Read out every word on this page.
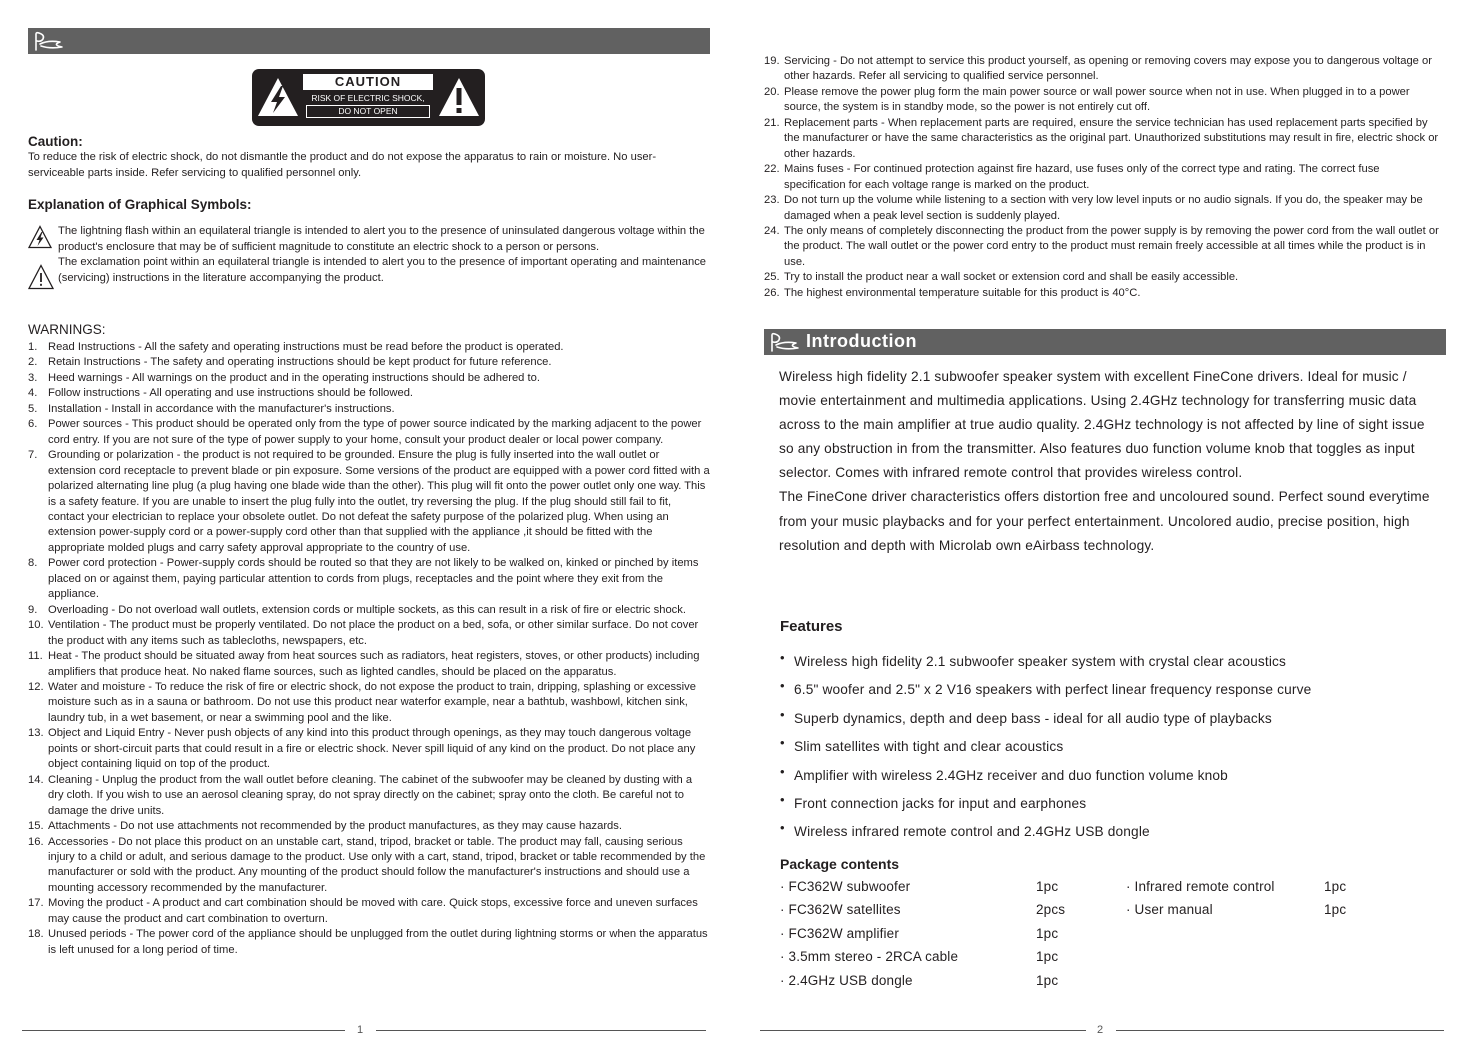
CAUTION
RISK OF ELECTRIC SHOCK,
DO NOT OPEN
Caution:
To reduce the risk of electric shock, do not dismantle the product and do not expose the apparatus to rain or moisture. No user-serviceable parts inside. Refer servicing to qualified personnel only.
Explanation of Graphical Symbols:
The lightning flash within an equilateral triangle is intended to alert you to the presence of uninsulated dangerous voltage within the product's enclosure that may be of sufficient magnitude to constitute an electric shock to a person or persons.
The exclamation point within an equilateral triangle is intended to alert you to the presence of important operating and maintenance (servicing) instructions in the literature accompanying the product.
WARNINGS:
1. Read Instructions - All the safety and operating instructions must be read before the product is operated.
2. Retain Instructions - The safety and operating instructions should be kept product for future reference.
3. Heed warnings - All warnings on the product and in the operating instructions should be adhered to.
4. Follow instructions - All operating and use instructions should be followed.
5. Installation - Install in accordance with the manufacturer's instructions.
6. Power sources - This product should be operated only from the type of power source indicated by the marking adjacent to the power cord entry. If you are not sure of the type of power supply to your home, consult your product dealer or local power company.
7. Grounding or polarization - the product is not required to be grounded. Ensure the plug is fully inserted into the wall outlet or extension cord receptacle to prevent blade or pin exposure. Some versions of the product are equipped with a power cord fitted with a polarized alternating line plug (a plug having one blade wide than the other). This plug will fit onto the power outlet only one way. This is a safety feature. If you are unable to insert the plug fully into the outlet, try reversing the plug. If the plug should still fail to fit, contact your electrician to replace your obsolete outlet. Do not defeat the safety purpose of the polarized plug. When using an extension power-supply cord or a power-supply cord other than that supplied with the appliance ,it should be fitted with the appropriate molded plugs and carry safety approval appropriate to the country of use.
8. Power cord protection - Power-supply cords should be routed so that they are not likely to be walked on, kinked or pinched by items placed on or against them, paying particular attention to cords from plugs, receptacles and the point where they exit from the appliance.
9. Overloading - Do not overload wall outlets, extension cords or multiple sockets, as this can result in a risk of fire or electric shock.
10. Ventilation - The product must be properly ventilated. Do not place the product on a bed, sofa, or other similar surface. Do not cover the product with any items such as tablecloths, newspapers, etc.
11. Heat - The product should be situated away from heat sources such as radiators, heat registers, stoves, or other products) including amplifiers that produce heat. No naked flame sources, such as lighted candles, should be placed on the apparatus.
12. Water and moisture - To reduce the risk of fire or electric shock, do not expose the product to train, dripping, splashing or excessive moisture such as in a sauna or bathroom. Do not use this product near waterfor example, near a bathtub, washbowl, kitchen sink, laundry tub, in a wet basement, or near a swimming pool and the like.
13. Object and Liquid Entry - Never push objects of any kind into this product through openings, as they may touch dangerous voltage points or short-circuit parts that could result in a fire or electric shock. Never spill liquid of any kind on the product. Do not place any object containing liquid on top of the product.
14. Cleaning - Unplug the product from the wall outlet before cleaning. The cabinet of the subwoofer may be cleaned by dusting with a dry cloth. If you wish to use an aerosol cleaning spray, do not spray directly on the cabinet; spray onto the cloth. Be careful not to damage the drive units.
15. Attachments - Do not use attachments not recommended by the product manufactures, as they may cause hazards.
16. Accessories - Do not place this product on an unstable cart, stand, tripod, bracket or table. The product may fall, causing serious injury to a child or adult, and serious damage to the product. Use only with a cart, stand, tripod, bracket or table recommended by the manufacturer or sold with the product. Any mounting of the product should follow the manufacturer's instructions and should use a mounting accessory recommended by the manufacturer.
17. Moving the product - A product and cart combination should be moved with care. Quick stops, excessive force and uneven surfaces may cause the product and cart combination to overturn.
18. Unused periods - The power cord of the appliance should be unplugged from the outlet during lightning storms or when the apparatus is left unused for a long period of time.
1
19. Servicing - Do not attempt to service this product yourself, as opening or removing covers may expose you to dangerous voltage or other hazards. Refer all servicing to qualified service personnel.
20. Please remove the power plug form the main power source or wall power source when not in use. When plugged in to a power source, the system is in standby mode, so the power is not entirely cut off.
21. Replacement parts - When replacement parts are required, ensure the service technician has used replacement parts specified by the manufacturer or have the same characteristics as the original part. Unauthorized substitutions may result in fire, electric shock or other hazards.
22. Mains fuses - For continued protection against fire hazard, use fuses only of the correct type and rating. The correct fuse specification for each voltage range is marked on the product.
23. Do not turn up the volume while listening to a section with very low level inputs or no audio signals. If you do, the speaker may be damaged when a peak level section is suddenly played.
24. The only means of completely disconnecting the product from the power supply is by removing the power cord from the wall outlet or the product. The wall outlet or the power cord entry to the product must remain freely accessible at all times while the product is in use.
25. Try to install the product near a wall socket or extension cord and shall be easily accessible.
26. The highest environmental temperature suitable for this product is 40°C.
Introduction

Wireless high fidelity 2.1 subwoofer speaker system with excellent FineCone drivers. Ideal for music / movie entertainment and multimedia applications. Using 2.4GHz technology for transferring music data across to the main amplifier at true audio quality. 2.4GHz technology is not affected by line of sight issue so any obstruction in from the transmitter. Also features duo function volume knob that toggles as input selector. Comes with infrared remote control that provides wireless control.

The FineCone driver characteristics offers distortion free and uncoloured sound. Perfect sound everytime from your music playbacks and for your perfect entertainment. Uncolored audio, precise position, high resolution and depth with Microlab own eAirbass technology.

Features
• Wireless high fidelity 2.1 subwoofer speaker system with crystal clear acoustics
• 6.5" woofer and 2.5" x 2 V16 speakers with perfect linear frequency response curve
• Superb dynamics, depth and deep bass - ideal for all audio type of playbacks
• Slim satellites with tight and clear acoustics
• Amplifier with wireless 2.4GHz receiver and duo function volume knob
• Front connection jacks for input and earphones
• Wireless infrared remote control and 2.4GHz USB dongle
Package contents
· FC362W subwoofer	1pc	· Infrared remote control	1pc
· FC362W satellites	2pcs	· User manual	1pc
· FC362W amplifier	1pc		
· 3.5mm stereo - 2RCA cable	1pc		
· 2.4GHz USB dongle	1pc		
2
